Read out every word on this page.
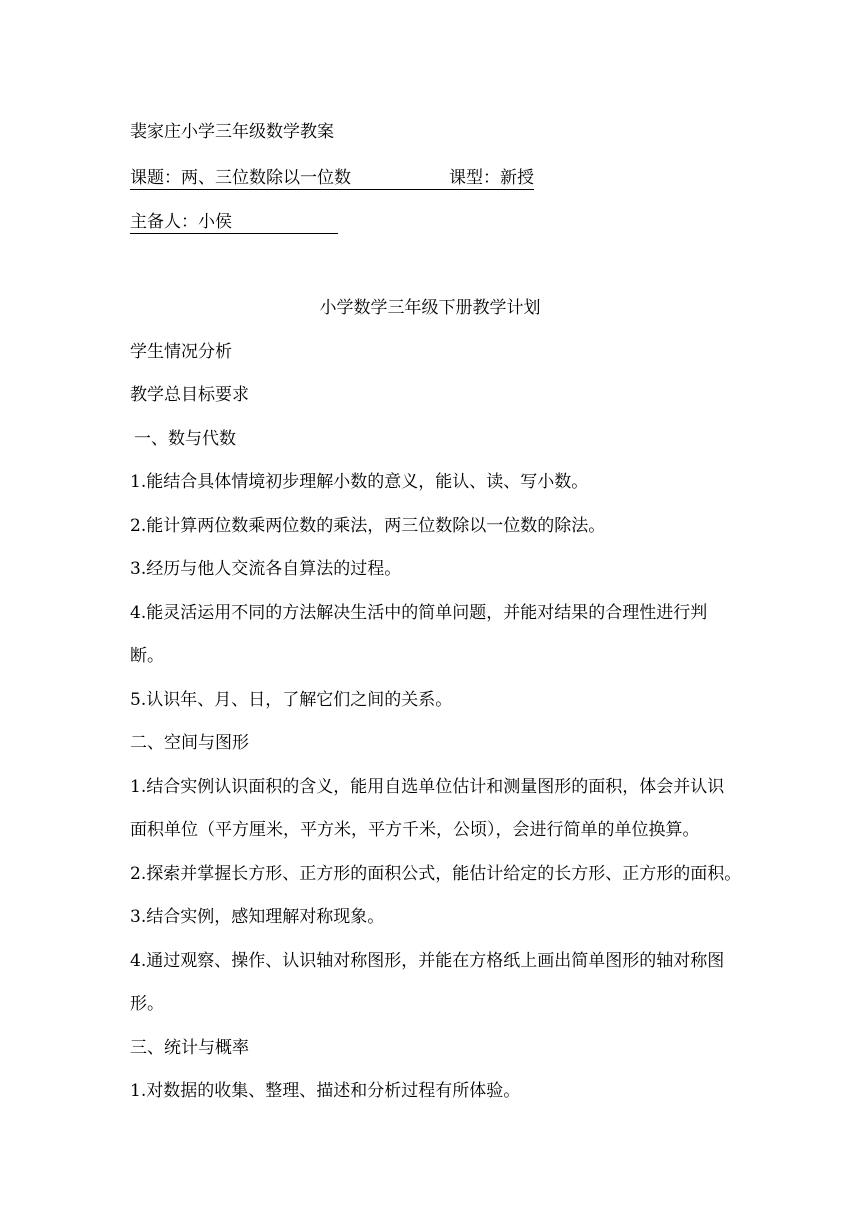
裴家庄小学三年级数学教案
课题：两、三位数除以一位数	课型：新授
主备人：小侯
小学数学三年级下册教学计划
学生情况分析
教学总目标要求
一、数与代数
1.能结合具体情境初步理解小数的意义，能认、读、写小数。
2.能计算两位数乘两位数的乘法，两三位数除以一位数的除法。
3.经历与他人交流各自算法的过程。
4.能灵活运用不同的方法解决生活中的简单问题，并能对结果的合理性进行判
断。
5.认识年、月、日，了解它们之间的关系。
二、空间与图形
1.结合实例认识面积的含义，能用自选单位估计和测量图形的面积，体会并认识
面积单位（平方厘米，平方米，平方千米，公顷），会进行简单的单位换算。
2.探索并掌握长方形、正方形的面积公式，能估计给定的长方形、正方形的面积。
3.结合实例，感知理解对称现象。
4.通过观察、操作、认识轴对称图形，并能在方格纸上画出简单图形的轴对称图
形。
三、统计与概率
1.对数据的收集、整理、描述和分析过程有所体验。
